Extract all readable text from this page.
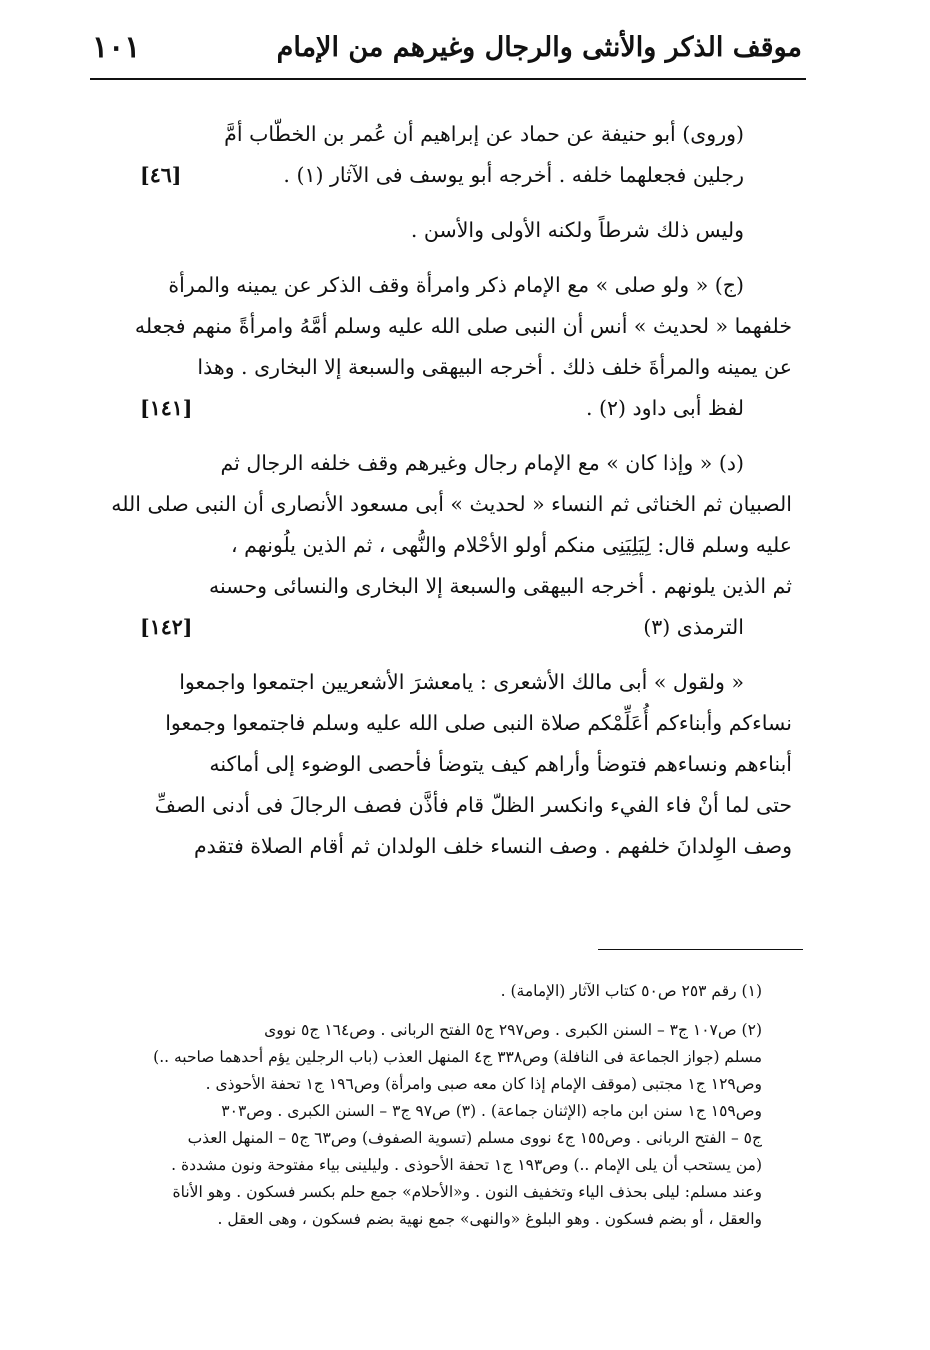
موقف الذكر والأنثى والرجال وغيرهم من الإمام
١٠١

(وروى) أبو حنيفة عن حماد عن إبراهيم أن عُمر بن الخطّاب أمَّ

رجلين فجعلهما خلفه . أخرجه أبو يوسف فى الآثار (١) .
[٤٦]

وليس ذلك شرطاً ولكنه الأولى والأسن .

(ج) « ولو صلى » مع الإمام ذكر وامرأة وقف الذكر عن يمينه والمرأة
خلفهما « لحديث » أنس أن النبى صلى الله عليه وسلم أمَّهُ وامرأةً منهم فجعله
عن يمينه والمرأةَ خلف ذلك . أخرجه البيهقى والسبعة إلا البخارى . وهذا

لفظ أبى داود (٢) .
[١٤١]

(د) « وإذا كان » مع الإمام رجال وغيرهم وقف خلفه الرجال ثم
الصبيان ثم الخناثى ثم النساء « لحديث » أبى مسعود الأنصارى أن النبى صلى الله
عليه وسلم قال: لِيَلِيَنِى منكم أولو الأحْلام والنُّهى ، ثم الذين يلُونهم ،
ثم الذين يلونهم . أخرجه البيهقى والسبعة إلا البخارى والنسائى وحسنه

الترمذى (٣)
[١٤٢]

« ولقول » أبى مالك الأشعرى : يامعشرَ الأشعريين اجتمعوا واجمعوا
نساءكم وأبناءكم أُعَلِّمْكم صلاة النبى صلى الله عليه وسلم فاجتمعوا وجمعوا
أبناءهم ونساءهم فتوضأ وأراهم كيف يتوضأ فأحصى الوضوء إلى أماكنه
حتى لما أنْ فاء الفيء وانكسر الظلّ قام فأذَّن فصف الرجالَ فى أدنى الصفِّ
وصف الوِلدانَ خلفهم . وصف النساء خلف الولدان ثم أقام الصلاة فتقدم

(١) رقم ٢٥٣ ص٥٠ كتاب الآثار (الإمامة) .

(٢) ص١٠٧ ج٣ – السنن الكبرى . وص٢٩٧ ج٥ الفتح الربانى . وص١٦٤ ج٥ نووى
مسلم (جواز الجماعة فى النافلة) وص٣٣٨ ج٤ المنهل العذب (باب الرجلين يؤم أحدهما صاحبه ..)
وص١٢٩ ج١ مجتبى (موقف الإمام إذا كان معه صبى وامرأة) وص١٩٦ ج١ تحفة الأحوذى .
وص١٥٩ ج١ سنن ابن ماجه (الإثنان جماعة) . (٣) ص٩٧ ج٣ – السنن الكبرى . وص٣٠٣
ج٥ – الفتح الربانى . وص١٥٥ ج٤ نووى مسلم (تسوية الصفوف) وص٦٣ ج٥ – المنهل العذب
(من يستحب أن يلى الإمام ..) وص١٩٣ ج١ تحفة الأحوذى . وليلينى بياء مفتوحة ونون مشددة .
وعند مسلم: ليلى بحذف الياء وتخفيف النون . و«الأحلام» جمع حلم بكسر فسكون . وهو الأناة
والعقل ، أو بضم فسكون . وهو البلوغ «والنهى» جمع نهية بضم فسكون ، وهى العقل .
